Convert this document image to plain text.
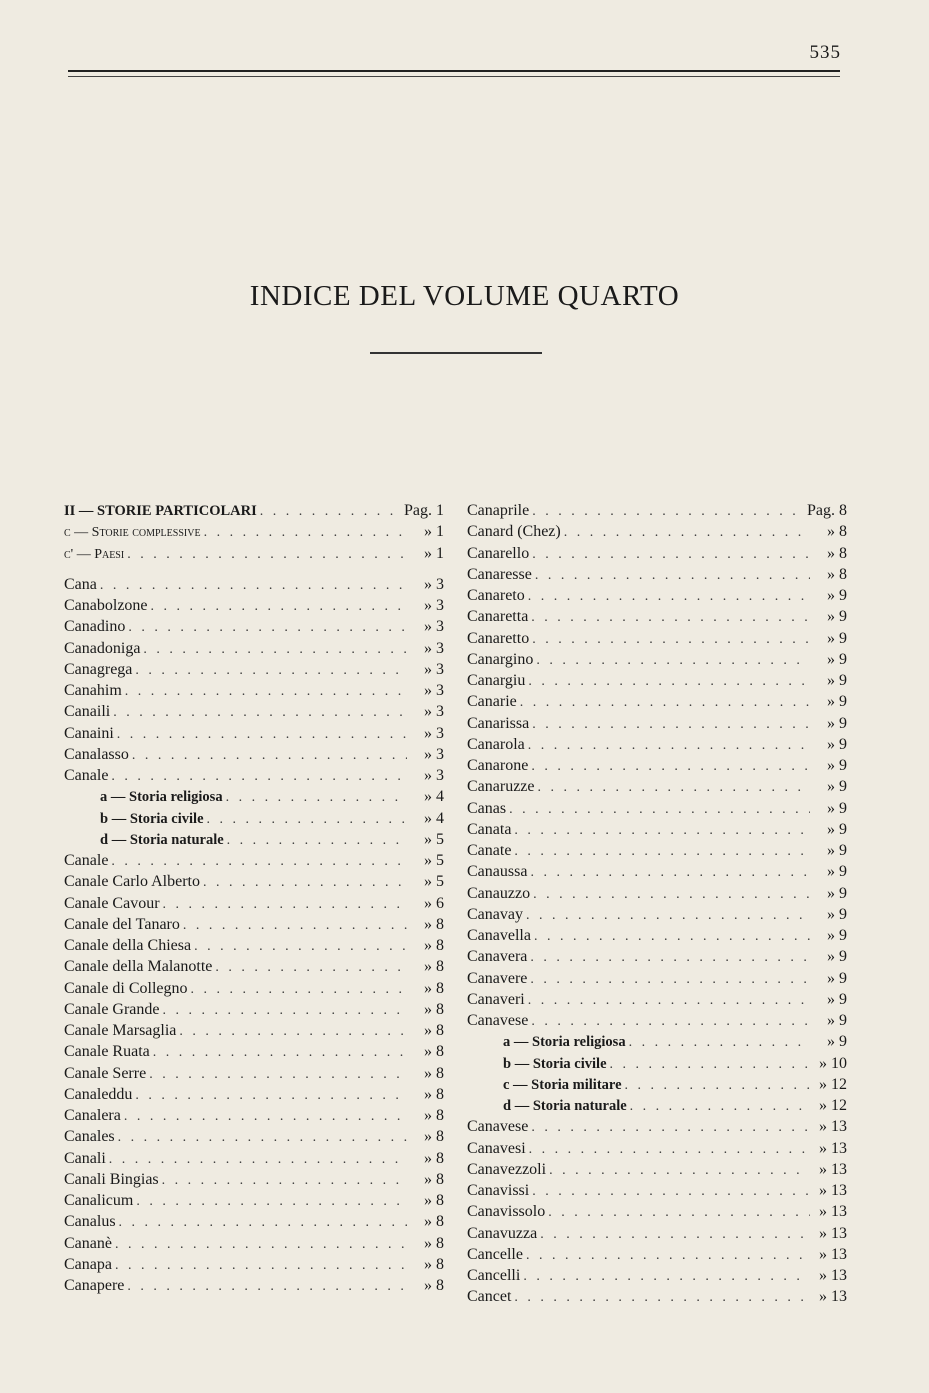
535
INDICE DEL VOLUME QUARTO
II — STORIE PARTICOLARI . . .	Pag. 1
c — Storie complessive . . .	» 1
c' — Paesi . . .	» 1
Cana . . .	» 3
Canabolzone . . .	» 3
Canadino . . .	» 3
Canadoniga . . .	» 3
Canagrega . . .	» 3
Canahim . . .	» 3
Canaili . . .	» 3
Canaini . . .	» 3
Canalasso . . .	» 3
Canale . . .	» 3
a — Storia religiosa . . .	» 4
b — Storia civile . . .	» 4
d — Storia naturale . . .	» 5
Canale . . .	» 5
Canale Carlo Alberto . . .	» 5
Canale Cavour . . .	» 6
Canale del Tanaro . . .	» 8
Canale della Chiesa . . .	» 8
Canale della Malanotte . . .	» 8
Canale di Collegno . . .	» 8
Canale Grande . . .	» 8
Canale Marsaglia . . .	» 8
Canale Ruata . . .	» 8
Canale Serre . . .	» 8
Canaleddu . . .	» 8
Canalera . . .	» 8
Canales . . .	» 8
Canali . . .	» 8
Canali Bingias . . .	» 8
Canalicum . . .	» 8
Canalus . . .	» 8
Cananè . . .	» 8
Canapa . . .	» 8
Canapere . . .	» 8
Canaprile . . .	Pag. 8
Canard (Chez) . . .	» 8
Canarello . . .	» 8
Canaresse . . .	» 8
Canareto . . .	» 9
Canaretta . . .	» 9
Canaretto . . .	» 9
Canargino . . .	» 9
Canargiu . . .	» 9
Canarie . . .	» 9
Canarissa . . .	» 9
Canarola . . .	» 9
Canarone . . .	» 9
Canaruzze . . .	» 9
Canas . . .	» 9
Canata . . .	» 9
Canate . . .	» 9
Canaussa . . .	» 9
Canauzzo . . .	» 9
Canavay . . .	» 9
Canavella . . .	» 9
Canavera . . .	» 9
Canavere . . .	» 9
Canaveri . . .	» 9
Canavese . . .	» 9
a — Storia religiosa . . .	» 9
b — Storia civile . . .	» 10
c — Storia militare . . .	» 12
d — Storia naturale . . .	» 12
Canavese . . .	» 13
Canavesi . . .	» 13
Canavezzoli . . .	» 13
Canavissi . . .	» 13
Canavissolo . . .	» 13
Canavuzza . . .	» 13
Cancelle . . .	» 13
Cancelli . . .	» 13
Cancet . . .	» 13
